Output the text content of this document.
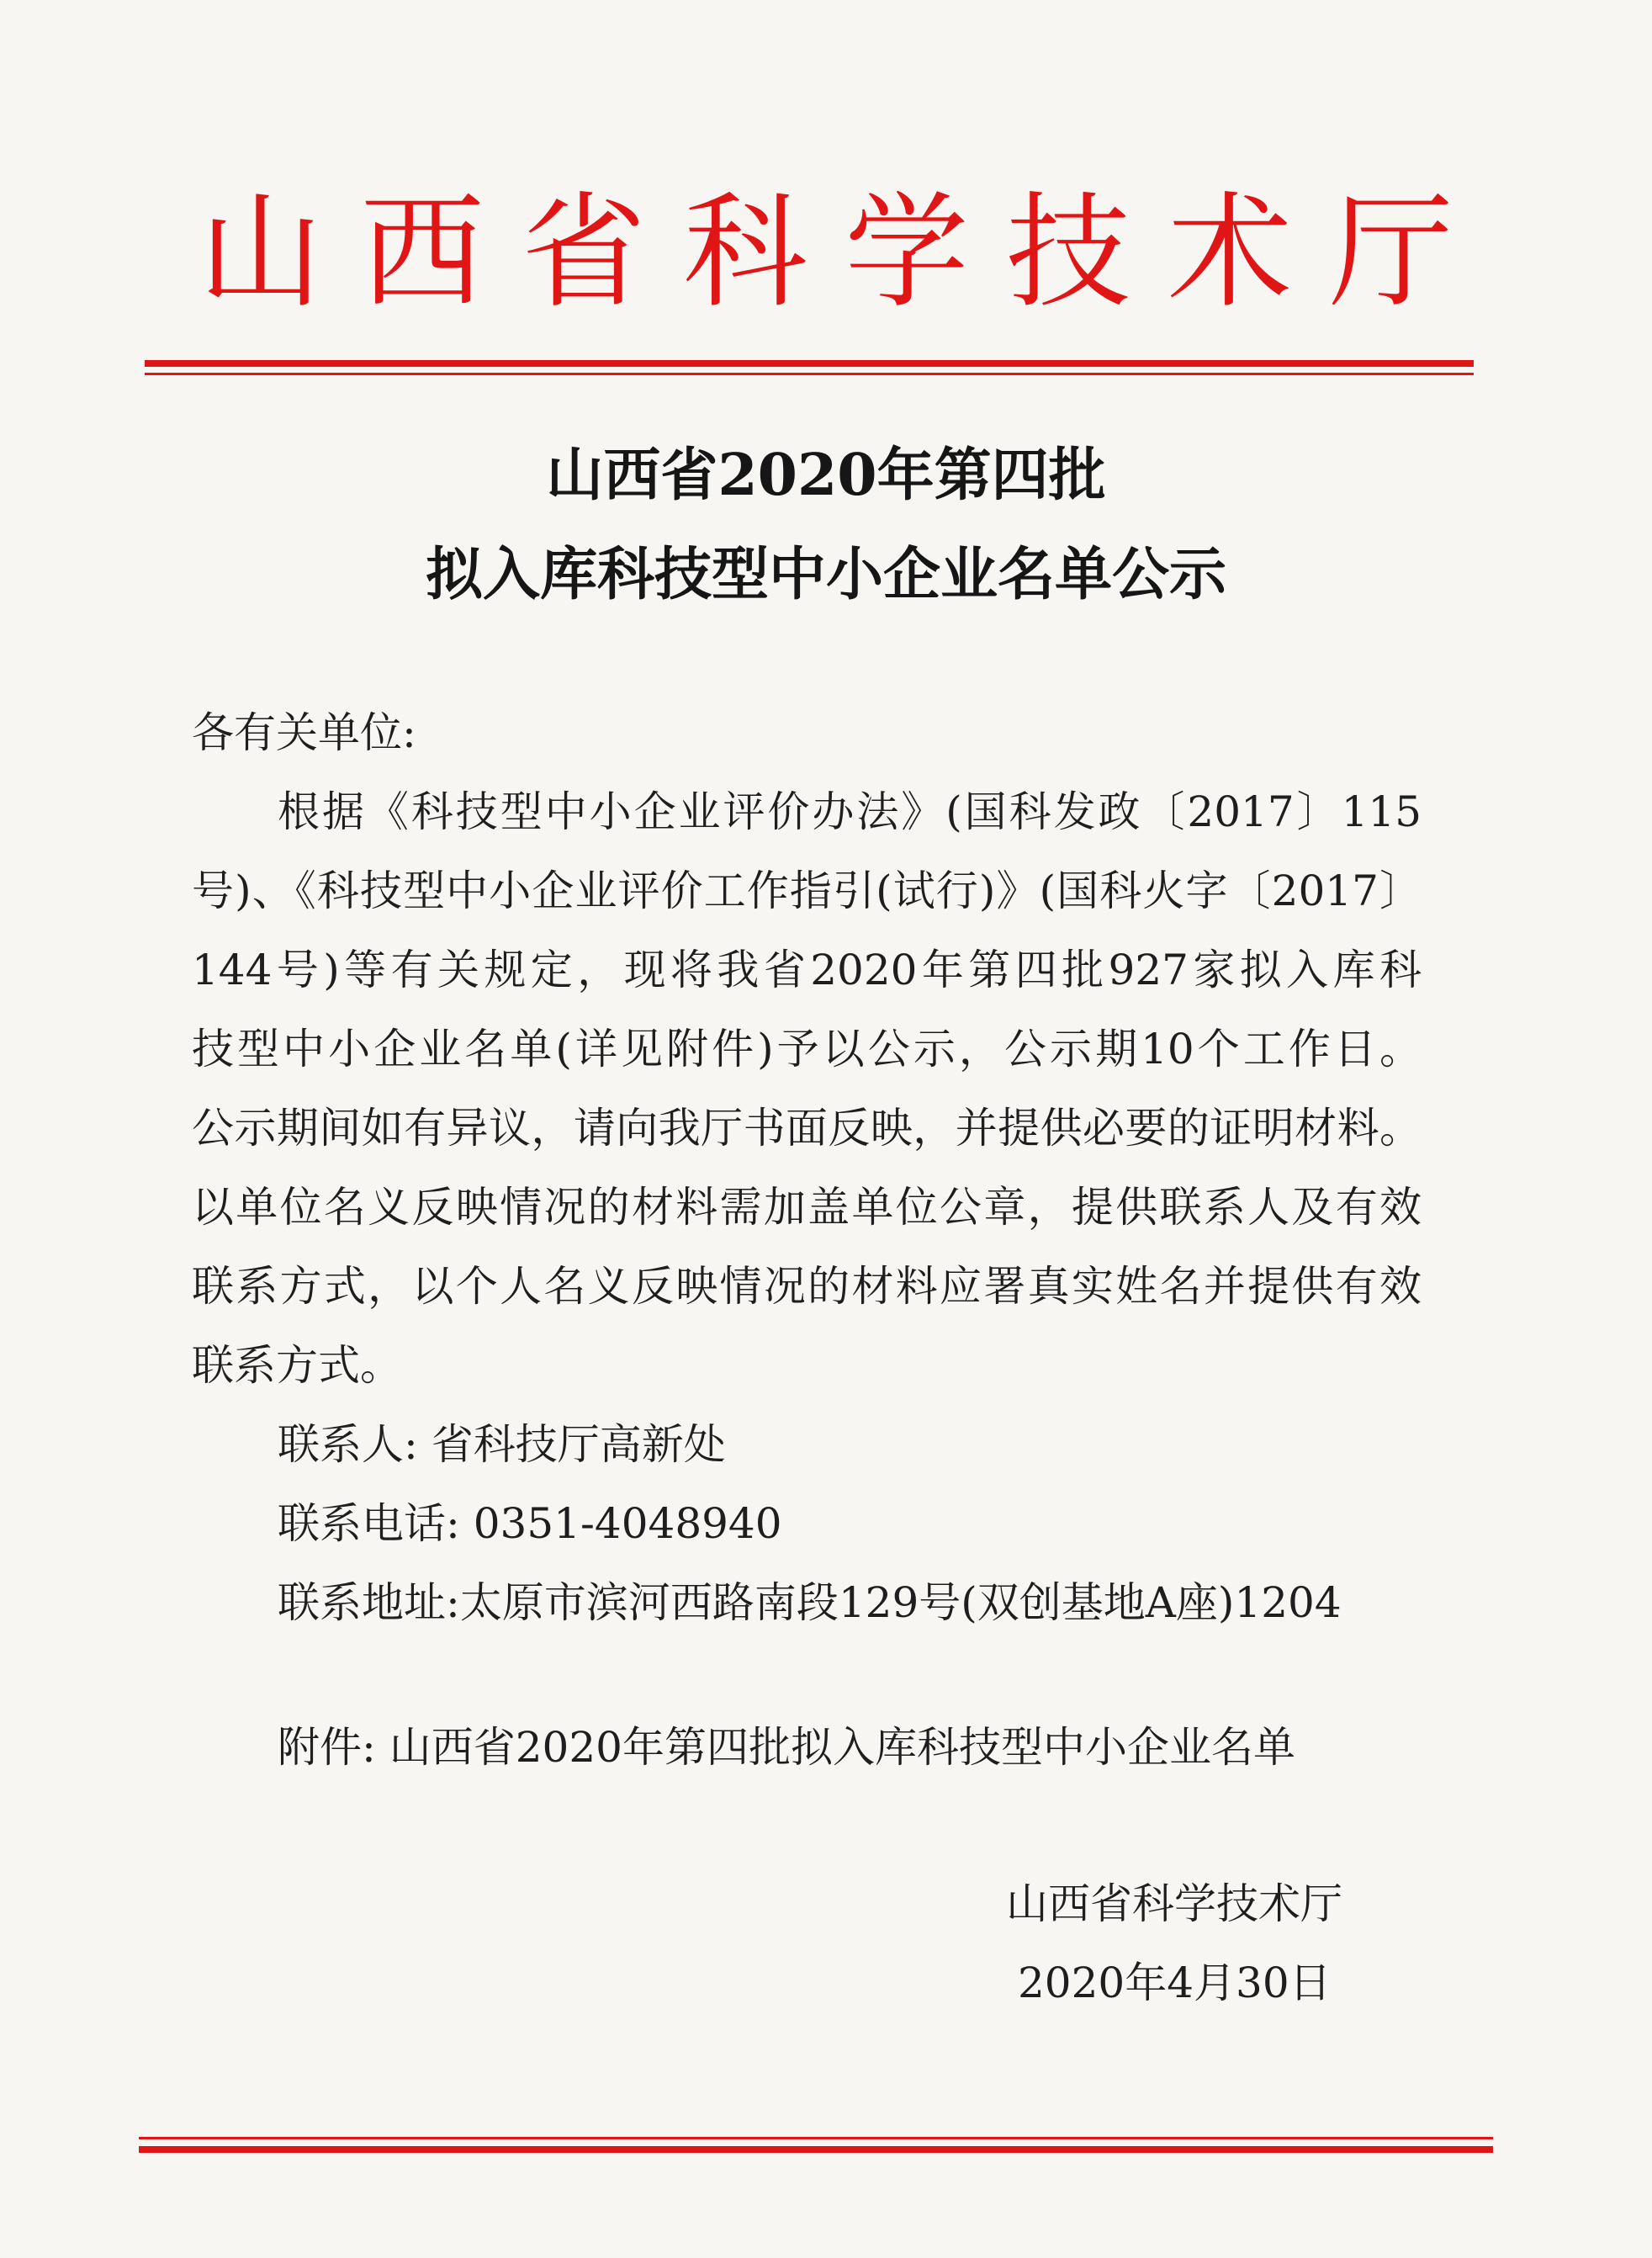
山西省科学技术厅
山西省2020年第四批
拟入库科技型中小企业名单公示
各有关单位:
根据《科技型中小企业评价办法》(国科发政〔2017〕115
号)、《科技型中小企业评价工作指引(试行)》(国科火字〔2017〕
144号)等有关规定，现将我省2020年第四批927家拟入库科
技型中小企业名单(详见附件)予以公示，公示期10个工作日。
公示期间如有异议，请向我厅书面反映，并提供必要的证明材料。
以单位名义反映情况的材料需加盖单位公章，提供联系人及有效
联系方式，以个人名义反映情况的材料应署真实姓名并提供有效
联系方式。
联系人: 省科技厅高新处
联系电话: 0351-4048940
联系地址:太原市滨河西路南段129号(双创基地A座)1204
附件: 山西省2020年第四批拟入库科技型中小企业名单
山西省科学技术厅
2020年4月30日
